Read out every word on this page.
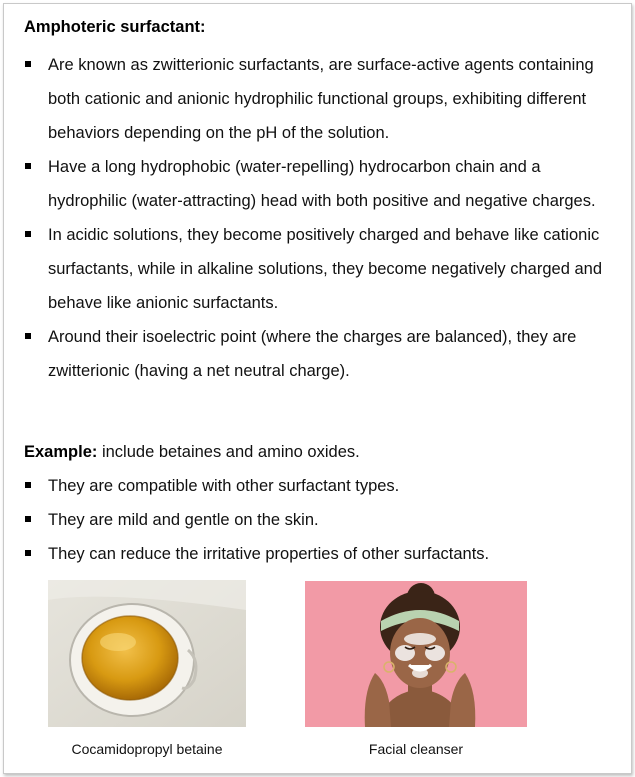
Amphoteric surfactant:
Are known as zwitterionic surfactants, are surface-active agents containing both cationic and anionic hydrophilic functional groups, exhibiting different behaviors depending on the pH of the solution.
Have a long hydrophobic (water-repelling) hydrocarbon chain and a hydrophilic (water-attracting) head with both positive and negative charges.
In acidic solutions, they become positively charged and behave like cationic surfactants, while in alkaline solutions, they become negatively charged and behave like anionic surfactants.
Around their isoelectric point (where the charges are balanced), they are zwitterionic (having a net neutral charge).
Example: include betaines and amino oxides.
They are compatible with other surfactant types.
They are mild and gentle on the skin.
They can reduce the irritative properties of other surfactants.
Cocamidopropyl betaine	Facial cleanser
